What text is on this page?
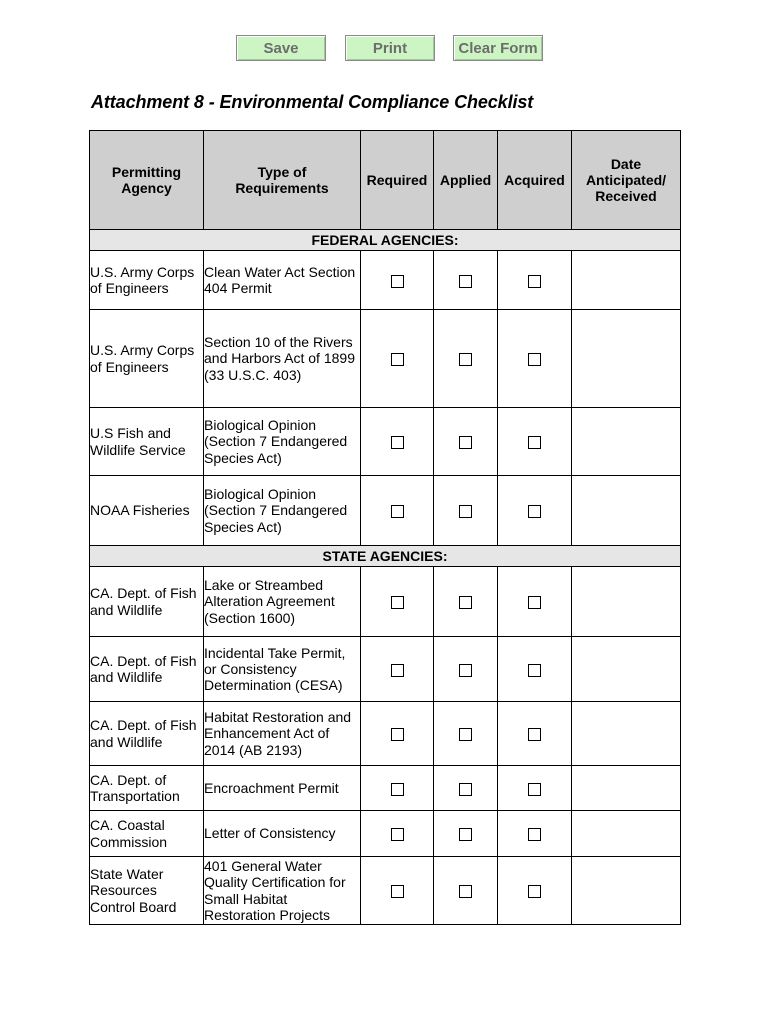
Save	Print	Clear Form
Attachment 8 - Environmental Compliance Checklist
Permitting Agency	Type of Requirements	Required	Applied	Acquired	Date Anticipated/ Received
FEDERAL AGENCIES:					
U.S. Army Corps of Engineers	Clean Water Act Section 404 Permit				
U.S. Army Corps of Engineers	Section 10 of the Rivers and Harbors Act of 1899 (33 U.S.C. 403)				
U.S Fish and Wildlife Service	Biological Opinion (Section 7 Endangered Species Act)				
NOAA Fisheries	Biological Opinion (Section 7 Endangered Species Act)				
STATE AGENCIES:					
CA. Dept. of Fish and Wildlife	Lake or Streambed Alteration Agreement (Section 1600)				
CA. Dept. of Fish and Wildlife	Incidental Take Permit, or Consistency Determination (CESA)				
CA. Dept. of Fish and Wildlife	Habitat Restoration and Enhancement Act of 2014 (AB 2193)				
CA. Dept. of Transportation	Encroachment Permit				
CA. Coastal Commission	Letter of Consistency				
State Water Resources Control Board	401 General Water Quality Certification for Small Habitat Restoration Projects				
